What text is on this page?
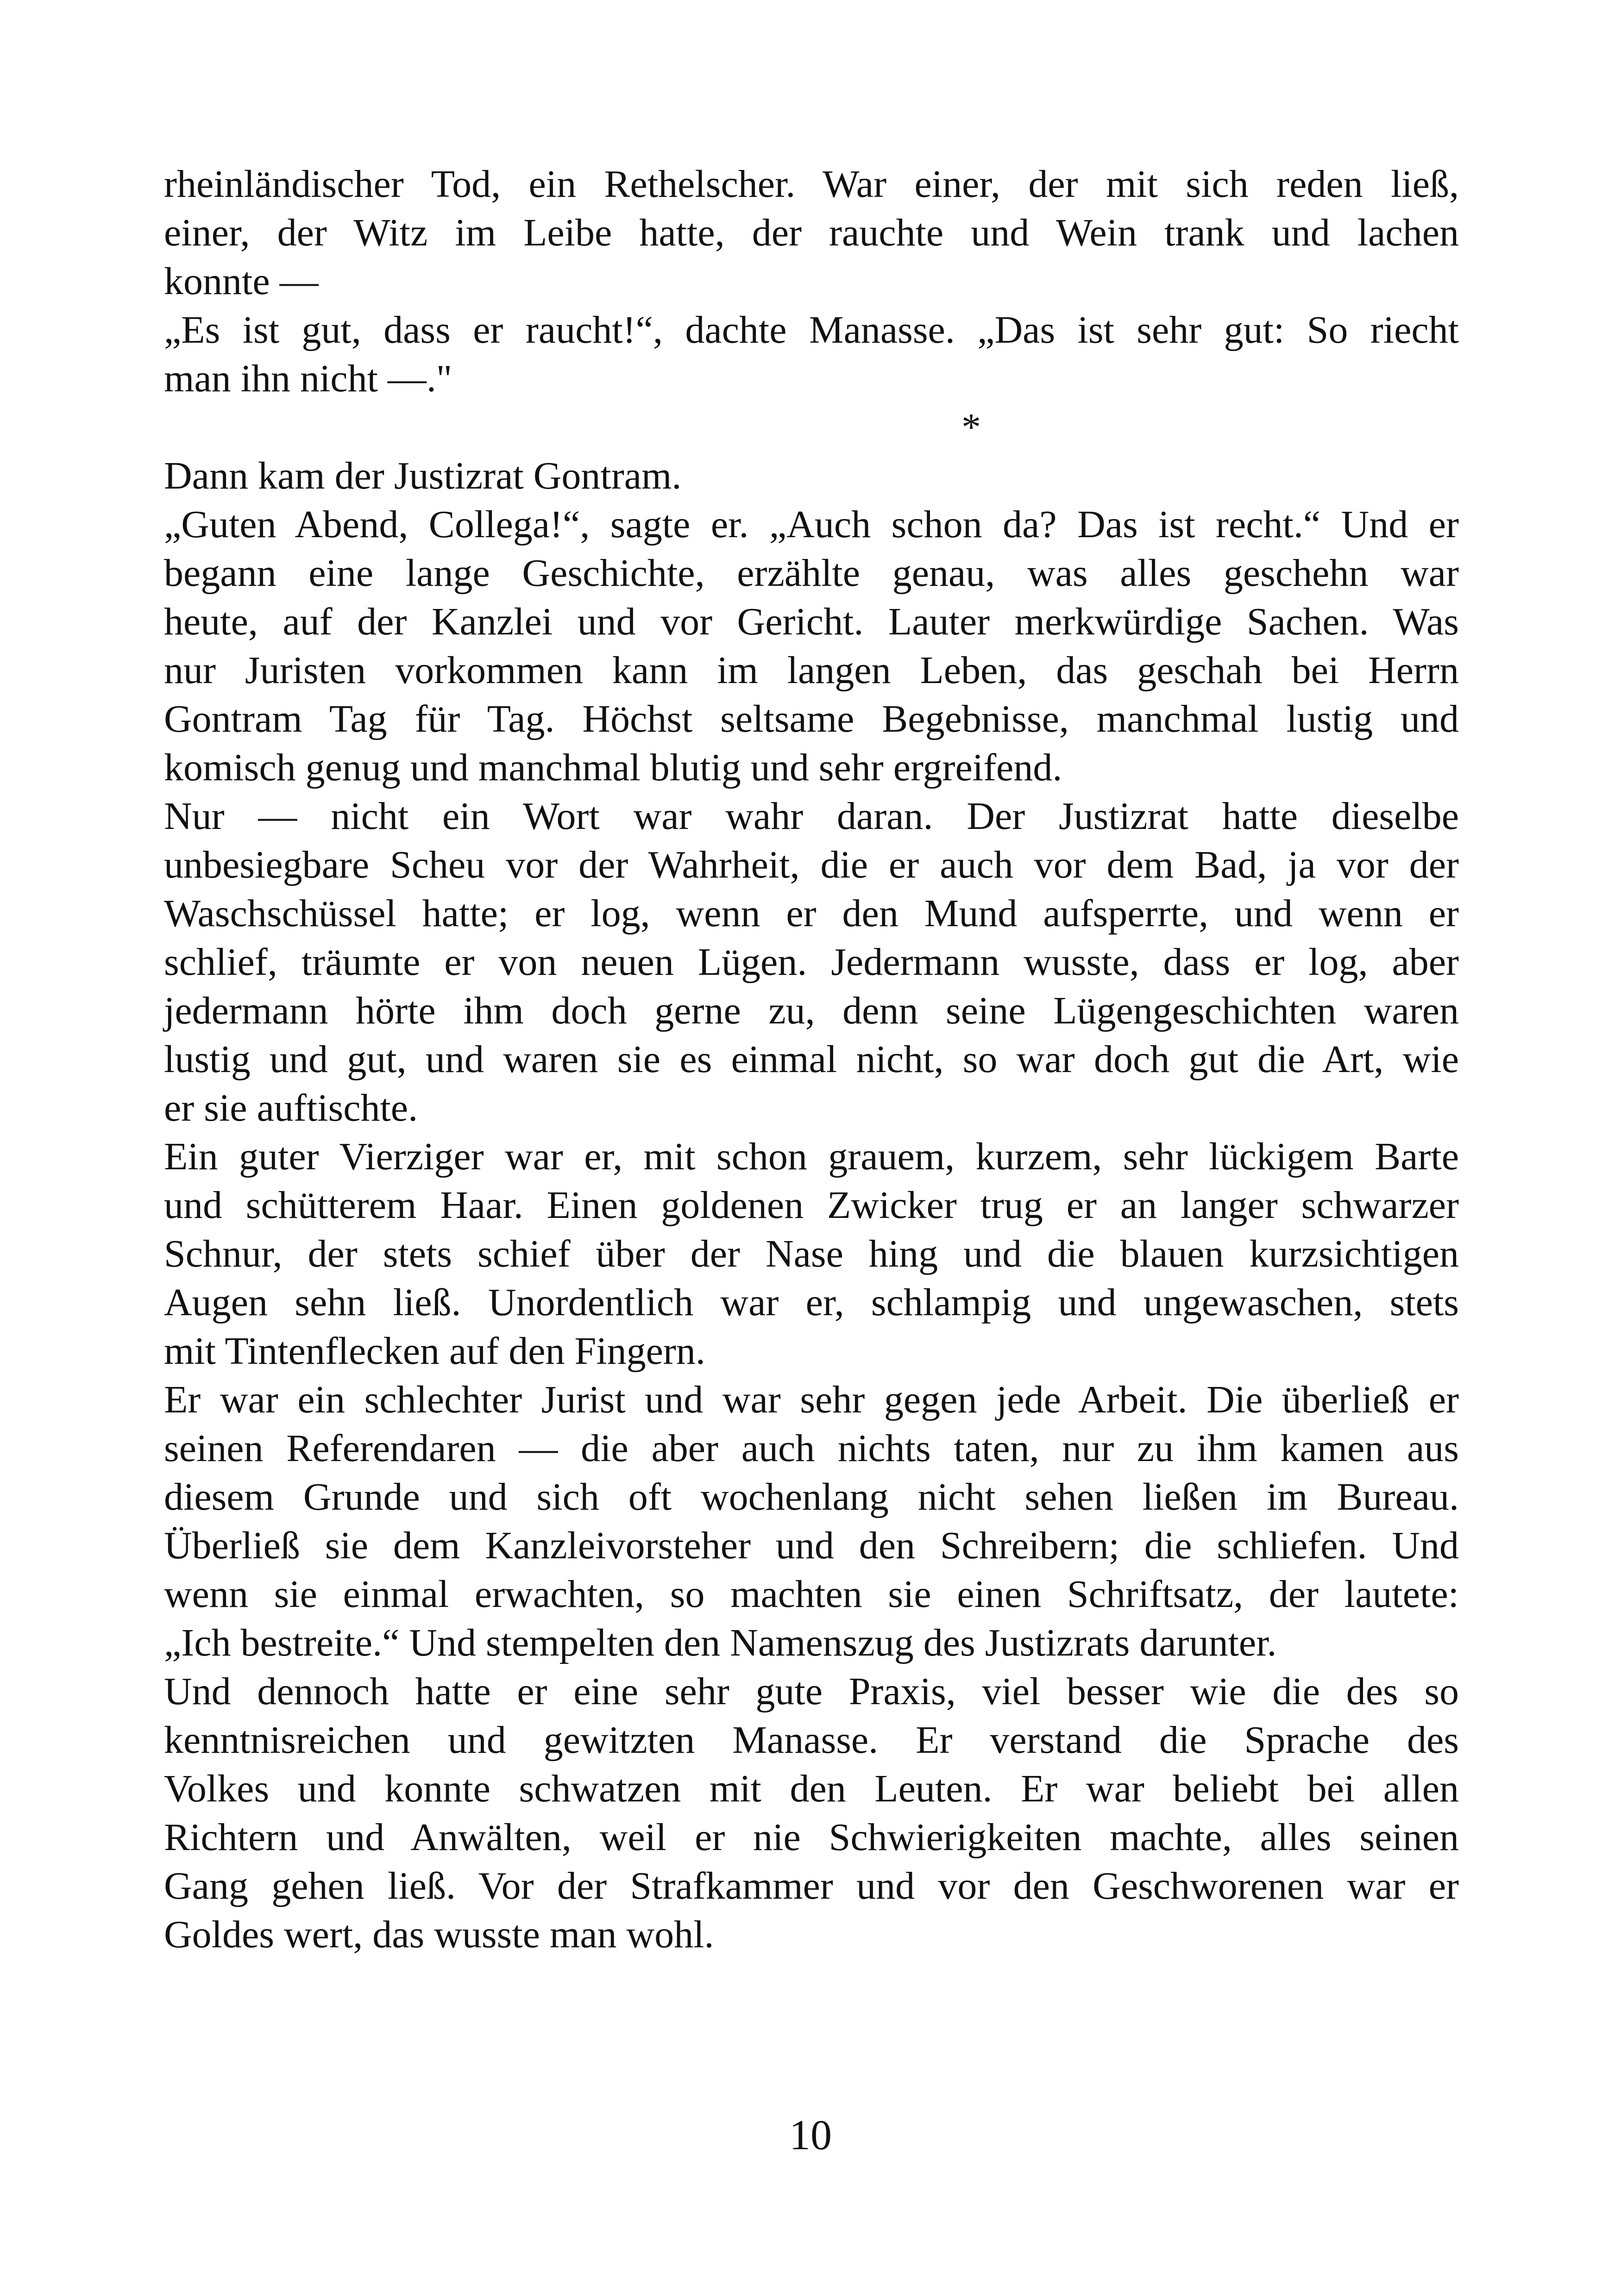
rheinländischer Tod, ein Rethelscher. War einer, der mit sich reden ließ,
einer, der Witz im Leibe hatte, der rauchte und Wein trank und lachen
konnte —
„Es ist gut, dass er raucht!“, dachte Manasse. „Das ist sehr gut: So riecht
man ihn nicht —."
*
Dann kam der Justizrat Gontram.
„Guten Abend, Collega!“, sagte er. „Auch schon da? Das ist recht.“ Und er
begann eine lange Geschichte, erzählte genau, was alles geschehn war
heute, auf der Kanzlei und vor Gericht. Lauter merkwürdige Sachen. Was
nur Juristen vorkommen kann im langen Leben, das geschah bei Herrn
Gontram Tag für Tag. Höchst seltsame Begebnisse, manchmal lustig und
komisch genug und manchmal blutig und sehr ergreifend.
Nur — nicht ein Wort war wahr daran. Der Justizrat hatte dieselbe
unbesiegbare Scheu vor der Wahrheit, die er auch vor dem Bad, ja vor der
Waschschüssel hatte; er log, wenn er den Mund aufsperrte, und wenn er
schlief, träumte er von neuen Lügen. Jedermann wusste, dass er log, aber
jedermann hörte ihm doch gerne zu, denn seine Lügengeschichten waren
lustig und gut, und waren sie es einmal nicht, so war doch gut die Art, wie
er sie auftischte.
Ein guter Vierziger war er, mit schon grauem, kurzem, sehr lückigem Barte
und schütterem Haar. Einen goldenen Zwicker trug er an langer schwarzer
Schnur, der stets schief über der Nase hing und die blauen kurzsichtigen
Augen sehn ließ. Unordentlich war er, schlampig und ungewaschen, stets
mit Tintenflecken auf den Fingern.
Er war ein schlechter Jurist und war sehr gegen jede Arbeit. Die überließ er
seinen Referendaren — die aber auch nichts taten, nur zu ihm kamen aus
diesem Grunde und sich oft wochenlang nicht sehen ließen im Bureau.
Überließ sie dem Kanzleivorsteher und den Schreibern; die schliefen. Und
wenn sie einmal erwachten, so machten sie einen Schriftsatz, der lautete:
„Ich bestreite.“ Und stempelten den Namenszug des Justizrats darunter.
Und dennoch hatte er eine sehr gute Praxis, viel besser wie die des so
kenntnisreichen und gewitzten Manasse. Er verstand die Sprache des
Volkes und konnte schwatzen mit den Leuten. Er war beliebt bei allen
Richtern und Anwälten, weil er nie Schwierigkeiten machte, alles seinen
Gang gehen ließ. Vor der Strafkammer und vor den Geschworenen war er
Goldes wert, das wusste man wohl.
10
